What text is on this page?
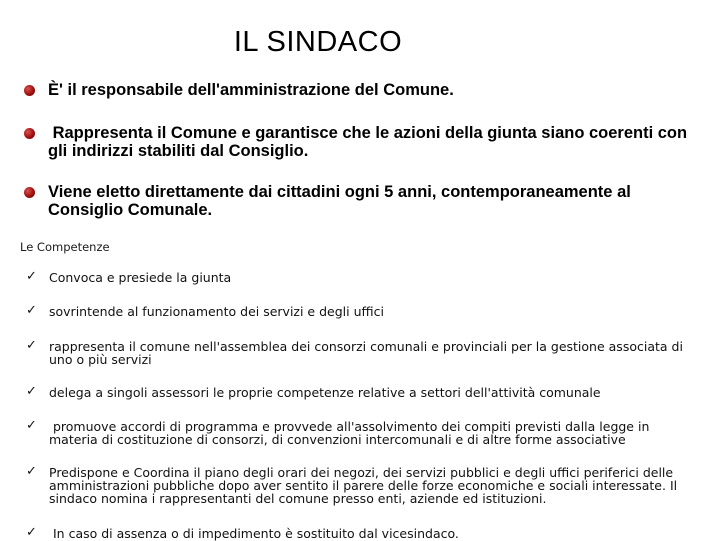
IL SINDACO
È' il responsabile dell'amministrazione del Comune.
Rappresenta il Comune e garantisce che le azioni della giunta siano coerenti con gli indirizzi stabiliti dal Consiglio.
Viene eletto direttamente dai cittadini ogni 5 anni, contemporaneamente al Consiglio Comunale.
Le Competenze
✓ Convoca e presiede la giunta
✓ sovrintende al funzionamento dei servizi e degli uffici
✓ rappresenta il comune nell'assemblea dei consorzi comunali e provinciali per la gestione associata di uno o più servizi
✓ delega a singoli assessori le proprie competenze relative a settori dell'attività comunale
✓ promuove accordi di programma e provvede all'assolvimento dei compiti previsti dalla legge in materia di costituzione di consorzi, di convenzioni intercomunali e di altre forme associative
✓ Predispone e Coordina il piano degli orari dei negozi, dei servizi pubblici e degli uffici periferici delle amministrazioni pubbliche dopo aver sentito il parere delle forze economiche e sociali interessate. Il sindaco nomina i rappresentanti del comune presso enti, aziende ed istituzioni.
✓ In caso di assenza o di impedimento è sostituito dal vicesindaco.
